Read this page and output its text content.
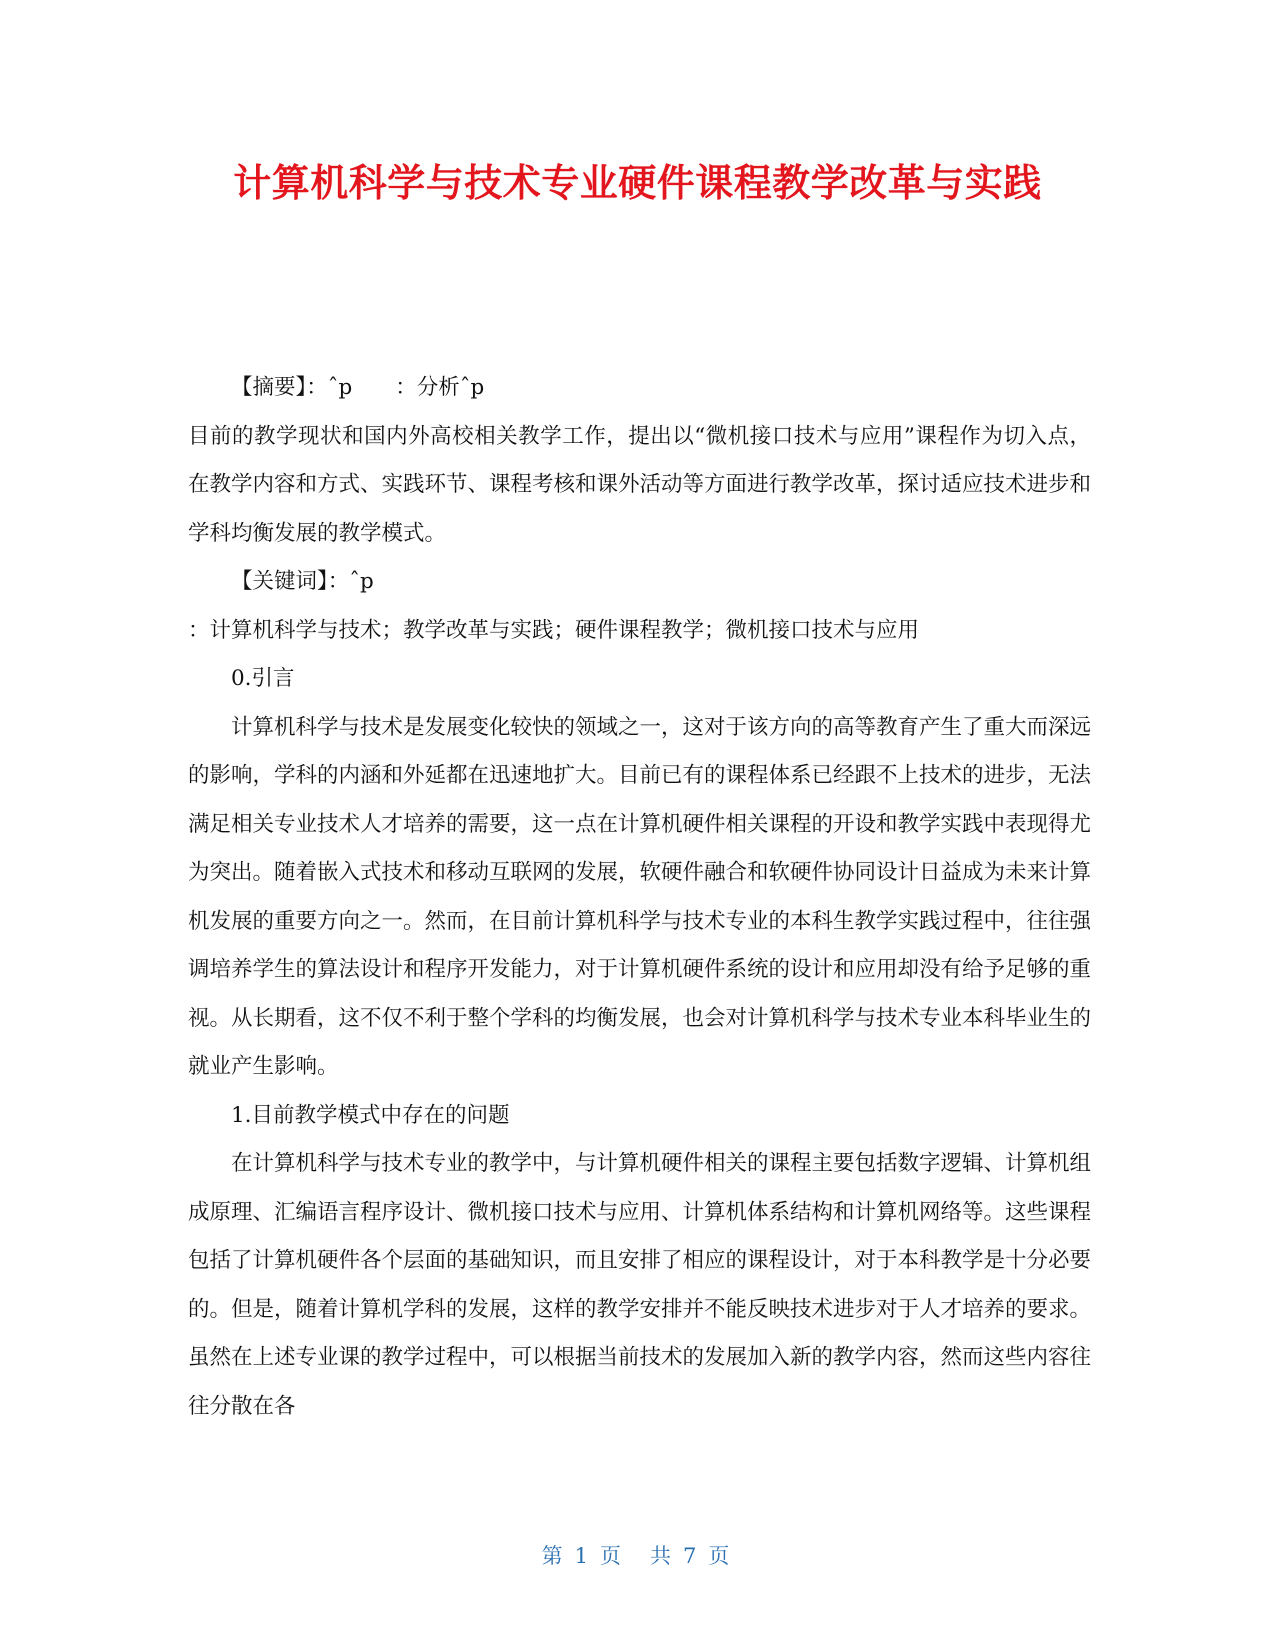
计算机科学与技术专业硬件课程教学改革与实践

【摘要】：ˆp　　：分析ˆp

目前的教学现状和国内外高校相关教学工作，提出以“微机接口技术与应用”课程作为切入点，在教学内容和方式、实践环节、课程考核和课外活动等方面进行教学改革，探讨适应技术进步和学科均衡发展的教学模式。

【关键词】：ˆp

：计算机科学与技术；教学改革与实践；硬件课程教学；微机接口技术与应用

0.引言

计算机科学与技术是发展变化较快的领域之一，这对于该方向的高等教育产生了重大而深远的影响，学科的内涵和外延都在迅速地扩大。目前已有的课程体系已经跟不上技术的进步，无法满足相关专业技术人才培养的需要，这一点在计算机硬件相关课程的开设和教学实践中表现得尤为突出。随着嵌入式技术和移动互联网的发展，软硬件融合和软硬件协同设计日益成为未来计算机发展的重要方向之一。然而，在目前计算机科学与技术专业的本科生教学实践过程中，往往强调培养学生的算法设计和程序开发能力，对于计算机硬件系统的设计和应用却没有给予足够的重视。从长期看，这不仅不利于整个学科的均衡发展，也会对计算机科学与技术专业本科毕业生的就业产生影响。

1.目前教学模式中存在的问题

在计算机科学与技术专业的教学中，与计算机硬件相关的课程主要包括数字逻辑、计算机组成原理、汇编语言程序设计、微机接口技术与应用、计算机体系结构和计算机网络等。这些课程包括了计算机硬件各个层面的基础知识，而且安排了相应的课程设计，对于本科教学是十分必要的。但是，随着计算机学科的发展，这样的教学安排并不能反映技术进步对于人才培养的要求。虽然在上述专业课的教学过程中，可以根据当前技术的发展加入新的教学内容，然而这些内容往往分散在各

第 1 页　共 7 页
